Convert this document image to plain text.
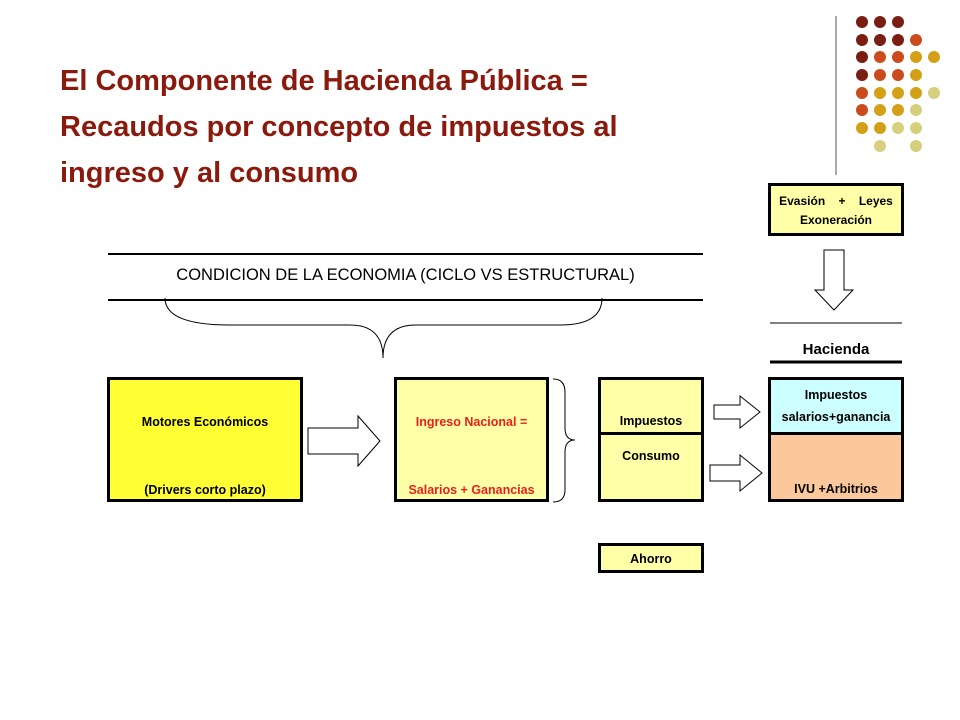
El Componente de Hacienda Pública =
Recaudos por concepto de impuestos al
ingreso y al consumo
CONDICION DE LA ECONOMIA (CICLO VS ESTRUCTURAL)
Motores Económicos
(Drivers corto plazo)
Ingreso Nacional =
Salarios + Ganancias
Impuestos
Consumo
Ahorro
Evasión    +    Leyes
Exoneración
Hacienda
Impuestos
salarios+ganancia
IVU +Arbitrios
